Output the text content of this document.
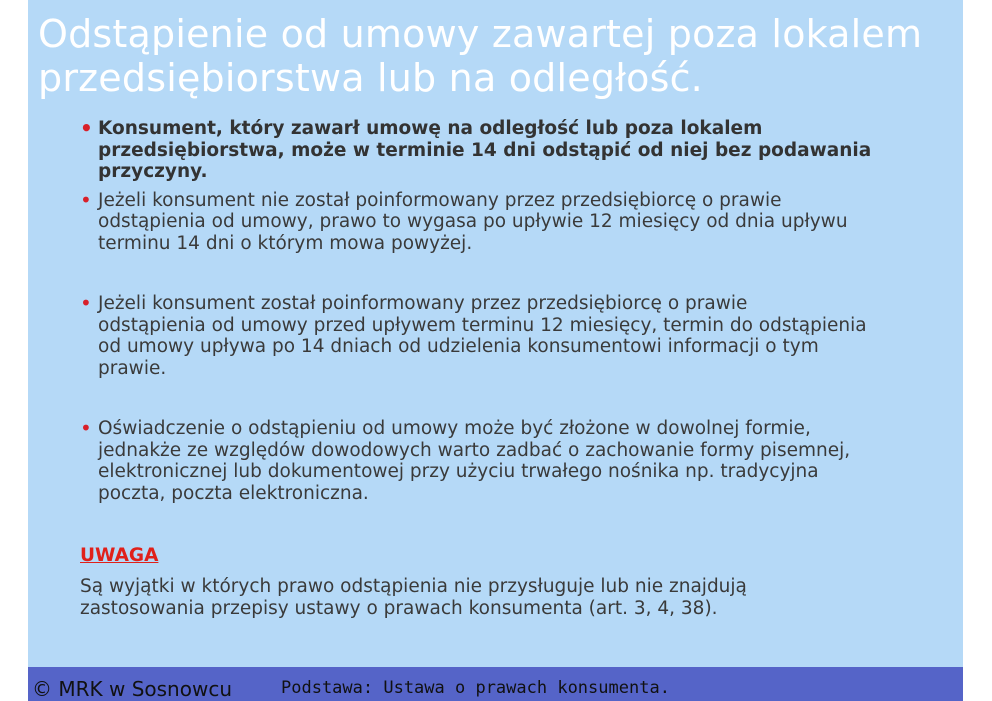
Odstąpienie od umowy zawartej poza lokalem
przedsiębiorstwa lub na odległość.
• Konsument, który zawarł umowę na odległość lub poza lokalem
przedsiębiorstwa, może w terminie 14 dni odstąpić od niej bez podawania
przyczyny.
• Jeżeli konsument nie został poinformowany przez przedsiębiorcę o prawie
odstąpienia od umowy, prawo to wygasa po upływie 12 miesięcy od dnia upływu
terminu 14 dni o którym mowa powyżej.
• Jeżeli konsument został poinformowany przez przedsiębiorcę o prawie
odstąpienia od umowy przed upływem terminu 12 miesięcy, termin do odstąpienia
od umowy upływa po 14 dniach od udzielenia konsumentowi informacji o tym
prawie.
• Oświadczenie o odstąpieniu od umowy może być złożone w dowolnej formie,
jednakże ze względów dowodowych warto zadbać o zachowanie formy pisemnej,
elektronicznej lub dokumentowej przy użyciu trwałego nośnika np. tradycyjna
poczta, poczta elektroniczna.
UWAGA
Są wyjątki w których prawo odstąpienia nie przysługuje lub nie znajdują
zastosowania przepisy ustawy o prawach konsumenta (art. 3, 4, 38).
© MRK w Sosnowcu	Podstawa: Ustawa o prawach konsumenta.
